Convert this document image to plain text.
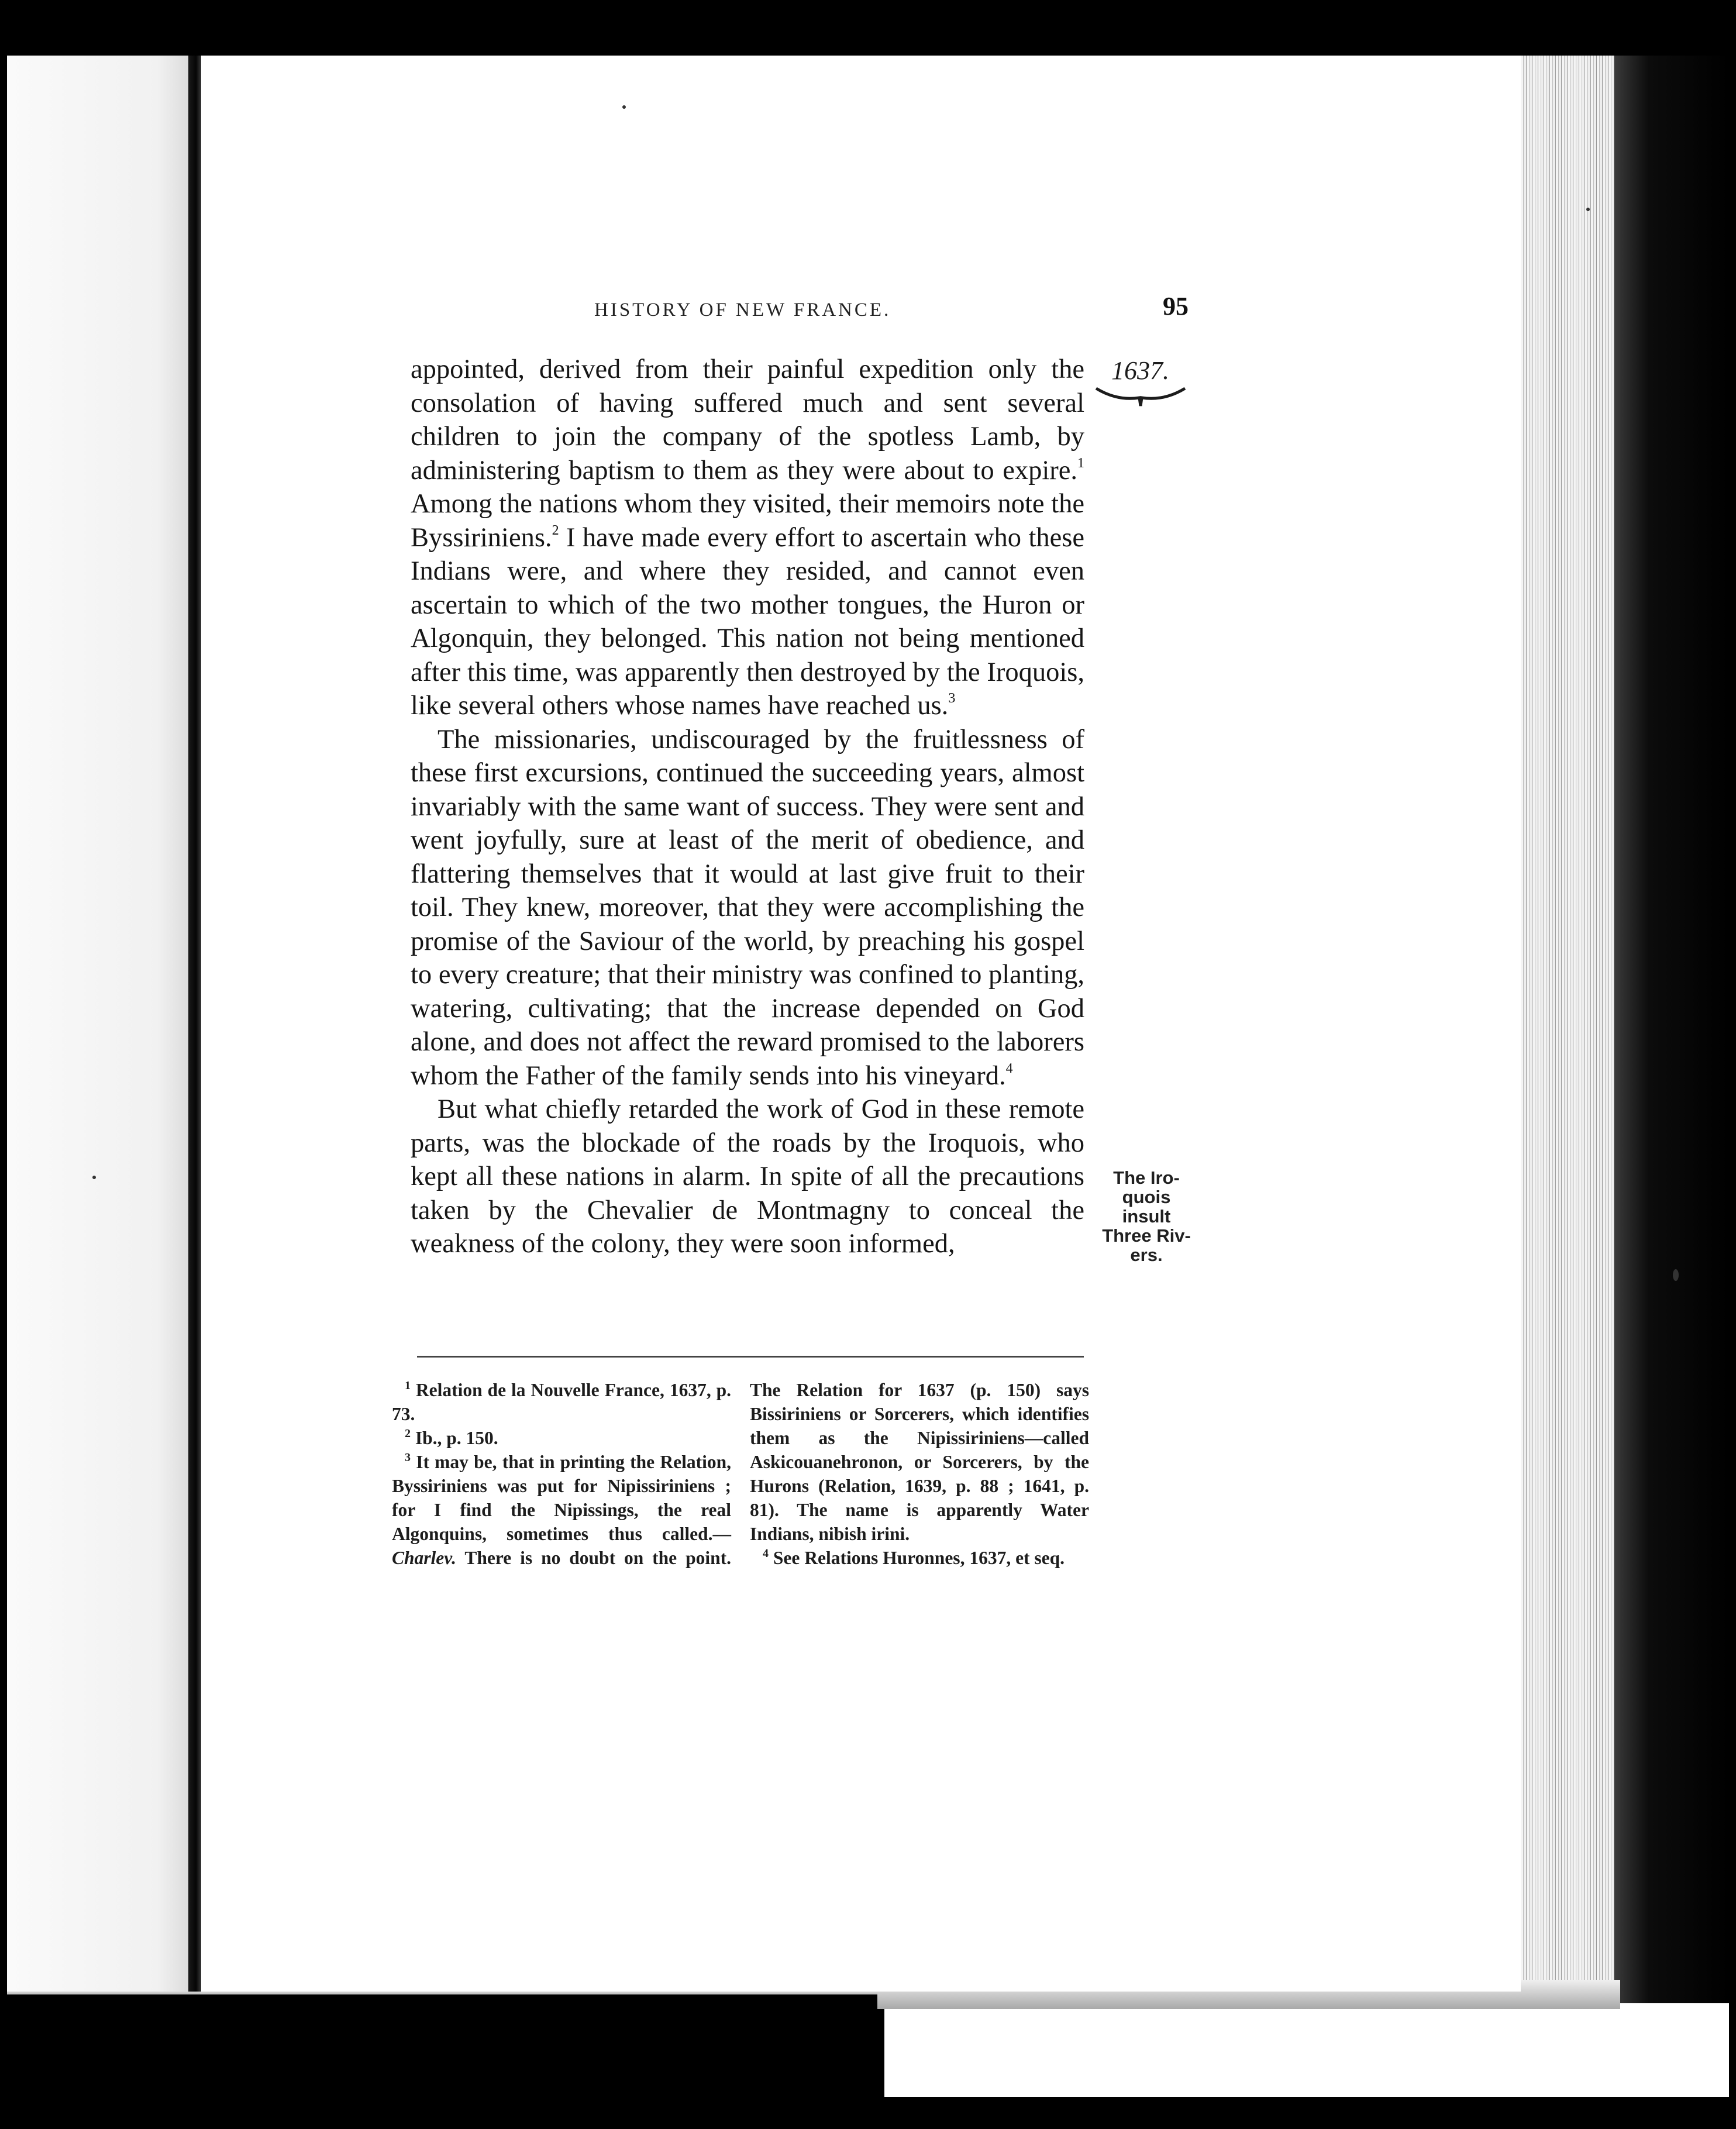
HISTORY OF NEW FRANCE.	95
1637.

appointed, derived from their painful expedition only the consolation of having suffered much and sent several children to join the company of the spotless Lamb, by administering baptism to them as they were about to expire.$^1$ Among the nations whom they visited, their memoirs note the Byssiriniens.$^2$ I have made every effort to ascertain who these Indians were, and where they resided, and cannot even ascertain to which of the two mother tongues, the Huron or Algonquin, they belonged. This nation not being mentioned after this time, was apparently then destroyed by the Iroquois, like several others whose names have reached us.$^3$

The missionaries, undiscouraged by the fruitlessness of these first excursions, continued the succeeding years, almost invariably with the same want of success. They were sent and went joyfully, sure at least of the merit of obedience, and flattering themselves that it would at last give fruit to their toil. They knew, moreover, that they were accomplishing the promise of the Saviour of the world, by preaching his gospel to every creature; that their ministry was confined to planting, watering, cultivating; that the increase depended on God alone, and does not affect the reward promised to the laborers whom the Father of the family sends into his vineyard.$^4$

But what chiefly retarded the work of God in these remote parts, was the blockade of the roads by the Iroquois, who kept all these nations in alarm. In spite of all the precautions taken by the Chevalier de Montmagny to conceal the weakness of the colony, they were soon informed,

The Iro-
quois insult
Three Riv-
ers.

$^1$ Relation de la Nouvelle France, 1637, p. 73.

$^2$ Ib., p. 150.

$^3$ It may be, that in printing the Relation, Byssiriniens was put for Nipissiriniens ; for I find the Nipissings, the real Algonquins, sometimes thus called.—Charlev. There is no doubt on the point. The Relation for 1637 (p. 150) says Bissiriniens or Sorcerers, which identifies them as the Nipissiriniens—called Askicouanehronon, or Sorcerers, by the Hurons (Relation, 1639, p. 88 ; 1641, p. 81). The name is apparently Water Indians, nibish irini.

$^4$ See Relations Huronnes, 1637, et seq.
